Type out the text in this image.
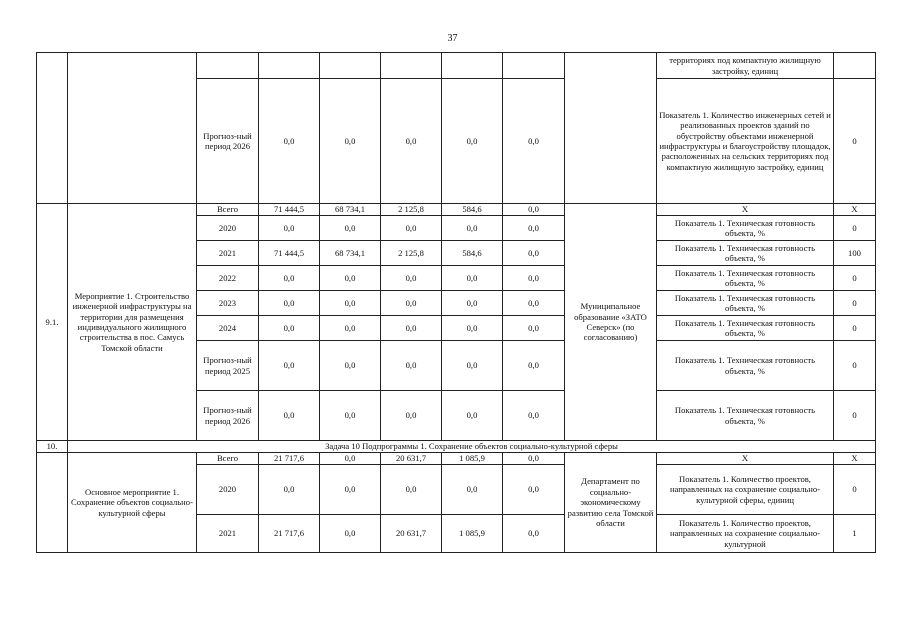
37
									территориях под компактную жилищную застройку, единиц	
		Прогноз-ный период 2026	0,0	0,0	0,0	0,0	0,0		Показатель 1. Количество инженерных сетей и реализованных проектов зданий по обустройству объектами инженерной инфраструктуры и благоустройству площадок, расположенных на сельских территориях под компактную жилищную застройку, единиц	0
9.1.	Мероприятие 1. Строительство инженерной инфраструктуры на территории для размещения индивидуального жилищного строительства в пос. Самусь Томской области	Всего	71 444,5	68 734,1	2 125,8	584,6	0,0	Муниципальное образование «ЗАТО Северск» (по согласованию)	Х	Х
		2020	0,0	0,0	0,0	0,0	0,0		Показатель 1. Техническая готовность объекта, %	0
		2021	71 444,5	68 734,1	2 125,8	584,6	0,0		Показатель 1. Техническая готовность объекта, %	100
		2022	0,0	0,0	0,0	0,0	0,0		Показатель 1. Техническая готовность объекта, %	0
		2023	0,0	0,0	0,0	0,0	0,0		Показатель 1. Техническая готовность объекта, %	0
		2024	0,0	0,0	0,0	0,0	0,0		Показатель 1. Техническая готовность объекта, %	0
		Прогноз-ный период 2025	0,0	0,0	0,0	0,0	0,0		Показатель 1. Техническая готовность объекта, %	0
		Прогноз-ный период 2026	0,0	0,0	0,0	0,0	0,0		Показатель 1. Техническая готовность объекта, %	0
10.	Задача 10 Подпрограммы 1. Сохранение объектов социально-культурной сферы									
	Основное мероприятие 1. Сохранение объектов социально-культурной сферы	Всего	21 717,6	0,0	20 631,7	1 085,9	0,0	Департамент по социально-экономическому развитию села Томской области	Х	Х
		2020	0,0	0,0	0,0	0,0	0,0		Показатель 1. Количество проектов, направленных на сохранение социально-культурной сферы, единиц	0
		2021	21 717,6	0,0	20 631,7	1 085,9	0,0		Показатель 1. Количество проектов, направленных на сохранение социально-культурной	1
